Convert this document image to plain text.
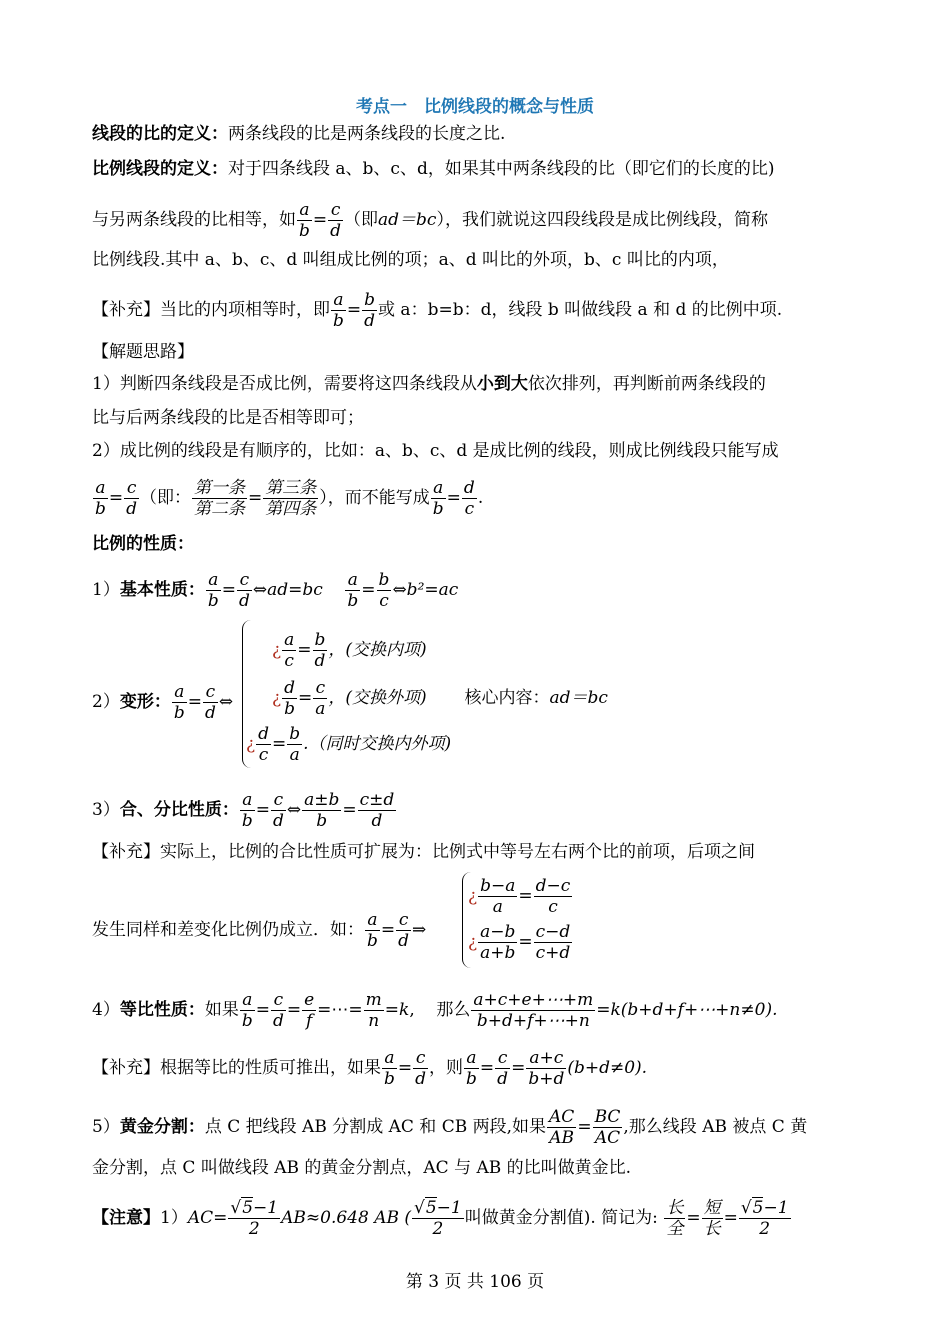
考点一　比例线段的概念与性质
线段的比的定义：两条线段的比是两条线段的长度之比.
比例线段的定义：对于四条线段 a、b、c、d，如果其中两条线段的比（即它们的长度的比)
与另两条线段的比相等，如 $\frac{a}{b} = \frac{c}{d}$ （即ad＝bc），我们就说这四段线段是成比例线段，简称
比例线段.其中 a、b、c、d 叫组成比例的项；a、d 叫比的外项，b、c 叫比的内项，
【补充】当比的内项相等时，即 $\frac{a}{b} = \frac{b}{d}$ 或 a：b=b：d，线段 b 叫做线段 a 和 d 的比例中项.
【解题思路】
1）判断四条线段是否成比例，需要将这四条线段从小到大依次排列，再判断前两条线段的
比与后两条线段的比是否相等即可；
2）成比例的线段是有顺序的，比如：a、b、c、d 是成比例的线段，则成比例线段只能写成
$\frac{a}{b} = \frac{c}{d}$ （即： $\frac{\text{第一条}}{\text{第二条}} = \frac{\text{第三条}}{\text{第四条}}$ ），而不能写成 $\frac{a}{b} = \frac{d}{c}$ .
比例的性质：
1）基本性质： $\frac{a}{b} = \frac{c}{d}$ ⇔ad=bc $\frac{a}{b} = \frac{b}{c}$ ⇔b²=ac
2）变形： $\frac{a}{b} = \frac{c}{d}$ ⇔
¿ $\frac{a}{c} = \frac{b}{d}$ ，(交换内项)
¿ $\frac{d}{b} = \frac{c}{a}$ ，(交换外项) 核心内容：ad＝bc
¿ $\frac{d}{c} = \frac{b}{a}$ .（同时交换内外项)
3）合、分比性质： $\frac{a}{b} = \frac{c}{d}$ ⇔ $\frac{a\pm b}{b} = \frac{c\pm d}{d}$
【补充】实际上，比例的合比性质可扩展为：比例式中等号左右两个比的前项，后项之间
发生同样和差变化比例仍成立．如： $\frac{a}{b} = \frac{c}{d}$ ⇒
¿ $\frac{b-a}{a} = \frac{d-c}{c}$
¿ $\frac{a-b}{a+b} = \frac{c-d}{c+d}$
4）等比性质：如果 $\frac{a}{b} = \frac{c}{d} = \frac{e}{f}$ =⋯= $\frac{m}{n} =k$,    那么 $\frac{a+c+e+\cdots+m}{b+d+f+\cdots+n}$ =k(b+d+f+⋯+n≠0).
【补充】根据等比的性质可推出，如果 $\frac{a}{b} = \frac{c}{d}$ ，则 $\frac{a}{b} = \frac{c}{d} = \frac{a+c}{b+d} (b+d\ne 0)$.
5）黄金分割：点 C 把线段 AB 分割成 AC 和 CB 两段,如果 $\frac{AC}{AB} = \frac{BC}{AC}$ ,那么线段 AB 被点 C 黄
金分割，点 C 叫做线段 AB 的黄金分割点，AC 与 AB 的比叫做黄金比.
【注意】$1)AC= \frac{√5-1}{2} AB\approx 0.648$ AB ( $\frac{√5-1}{2}$ 叫做黄金分割值). 简记为: $\frac{\text{长}}{\text{全}} = \frac{\text{短}}{\text{长}} = \frac{√5-1}{2}$
第 3 页 共 106 页
